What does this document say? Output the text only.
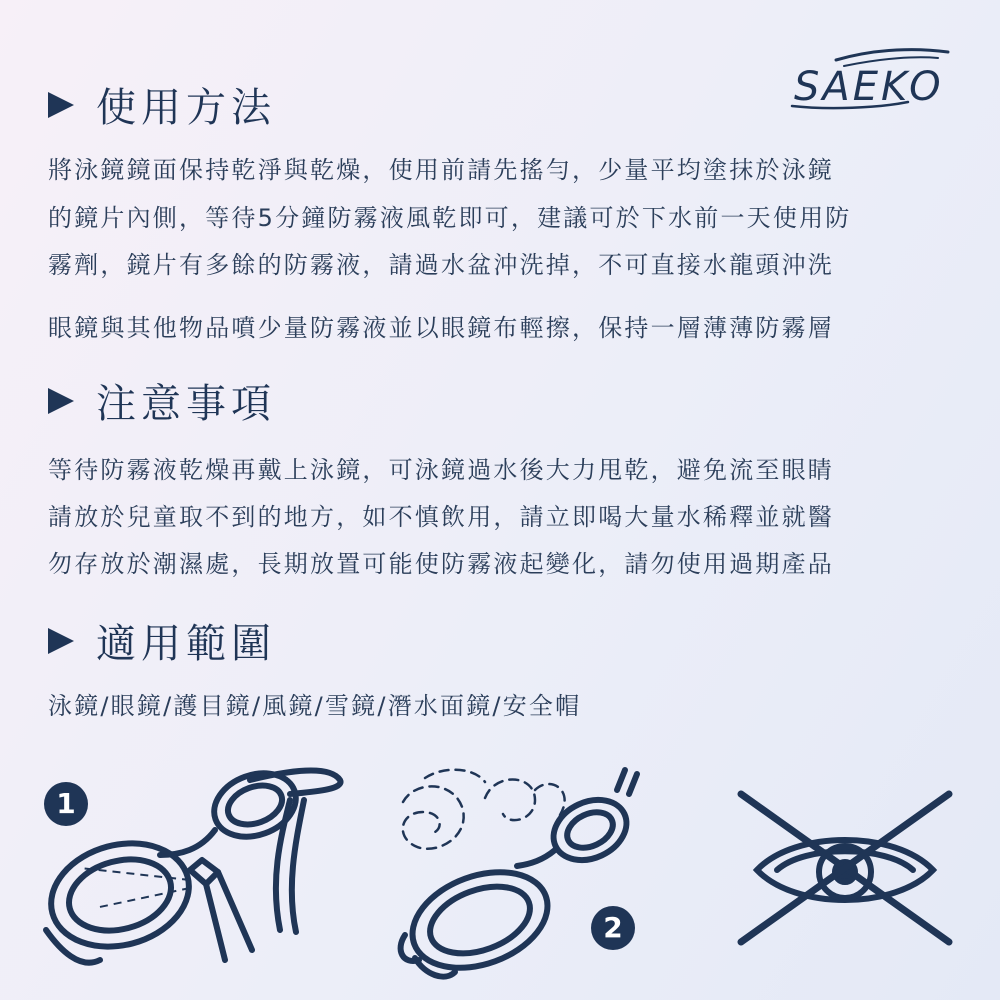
SAEKO
使用方法
將泳鏡鏡面保持乾淨與乾燥，使用前請先搖勻，少量平均塗抹於泳鏡
的鏡片內側，等待5分鐘防霧液風乾即可，建議可於下水前一天使用防
霧劑，鏡片有多餘的防霧液，請過水盆沖洗掉，不可直接水龍頭沖洗
眼鏡與其他物品噴少量防霧液並以眼鏡布輕擦，保持一層薄薄防霧層
注意事項
等待防霧液乾燥再戴上泳鏡，可泳鏡過水後大力甩乾，避免流至眼睛
請放於兒童取不到的地方，如不慎飲用，請立即喝大量水稀釋並就醫
勿存放於潮濕處，長期放置可能使防霧液起變化，請勿使用過期產品
適用範圍
泳鏡/眼鏡/護目鏡/風鏡/雪鏡/潛水面鏡/安全帽
1
2
